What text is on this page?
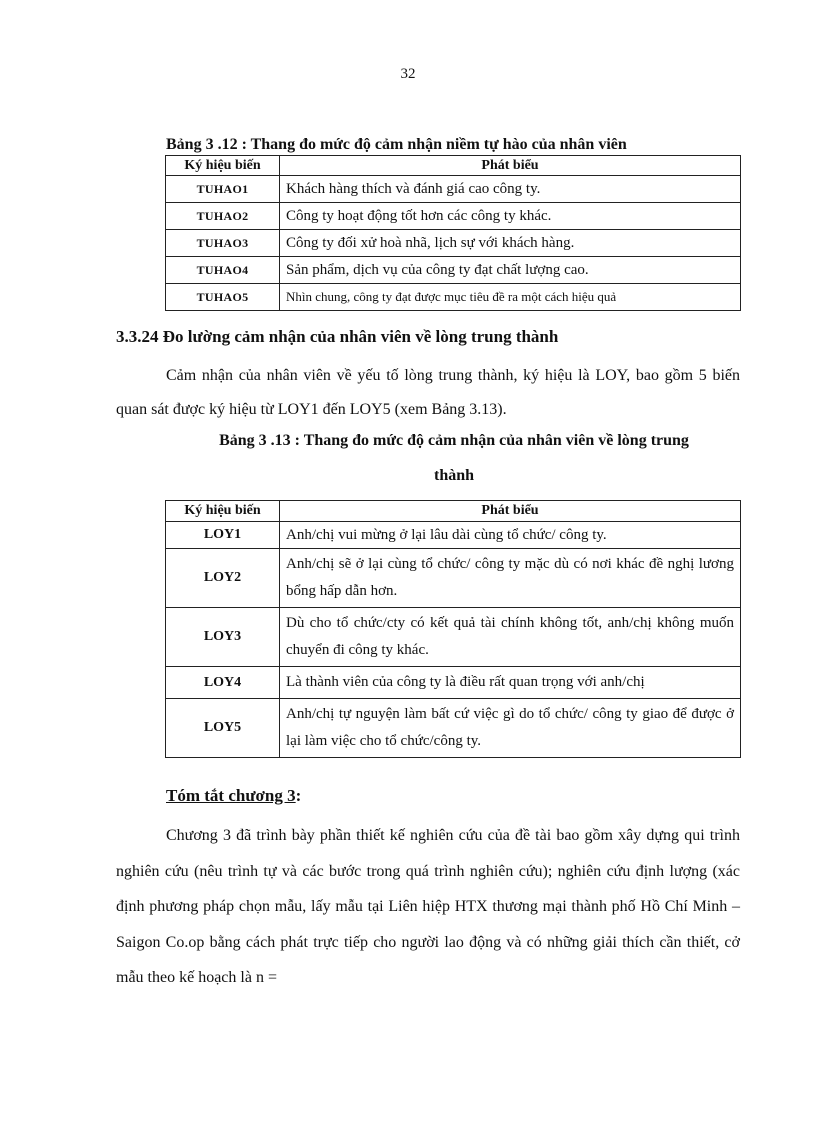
32
Bảng 3 .12 : Thang đo mức độ cảm nhận niềm tự hào của nhân viên
Ký hiệu biến	Phát biểu
TUHAO1	Khách hàng thích và đánh giá cao công ty.
TUHAO2	Công ty hoạt động tốt hơn các công ty khác.
TUHAO3	Công ty đối xử hoà nhã, lịch sự với khách hàng.
TUHAO4	Sản phẩm, dịch vụ của công ty đạt chất lượng cao.
TUHAO5	Nhìn chung, công ty đạt được mục tiêu đề ra một cách hiệu quả
3.3.24 Đo lường cảm nhận của nhân viên về lòng trung thành
Cảm nhận của nhân viên về yếu tố lòng trung thành, ký hiệu là LOY, bao gồm 5 biến quan sát được ký hiệu từ LOY1 đến LOY5 (xem Bảng 3.13).
Bảng 3 .13 : Thang đo mức độ cảm nhận của nhân viên về lòng trung
thành
Ký hiệu biến	Phát biểu
LOY1	Anh/chị vui mừng ở lại lâu dài cùng tổ chức/ công ty.
LOY2	Anh/chị sẽ ở lại cùng tổ chức/ công ty mặc dù có nơi khác đề nghị lương bổng hấp dẫn hơn.
LOY3	Dù cho tổ chức/cty có kết quả tài chính không tốt, anh/chị không muốn chuyển đi công ty khác.
LOY4	Là thành viên của công ty là điều rất quan trọng với anh/chị
LOY5	Anh/chị tự nguyện làm bất cứ việc gì do tổ chức/ công ty giao để được ở lại làm việc cho tổ chức/công ty.
Tóm tắt chương 3:
Chương 3 đã trình bày phần thiết kế nghiên cứu của đề tài bao gồm xây dựng qui trình nghiên cứu (nêu trình tự và các bước trong quá trình nghiên cứu); nghiên cứu định lượng (xác định phương pháp chọn mẫu, lấy mẫu tại Liên hiệp HTX thương mại thành phố Hồ Chí Minh – Saigon Co.op bằng cách phát trực tiếp cho người lao động và có những giải thích cần thiết, cở mẫu theo kế hoạch là n =
